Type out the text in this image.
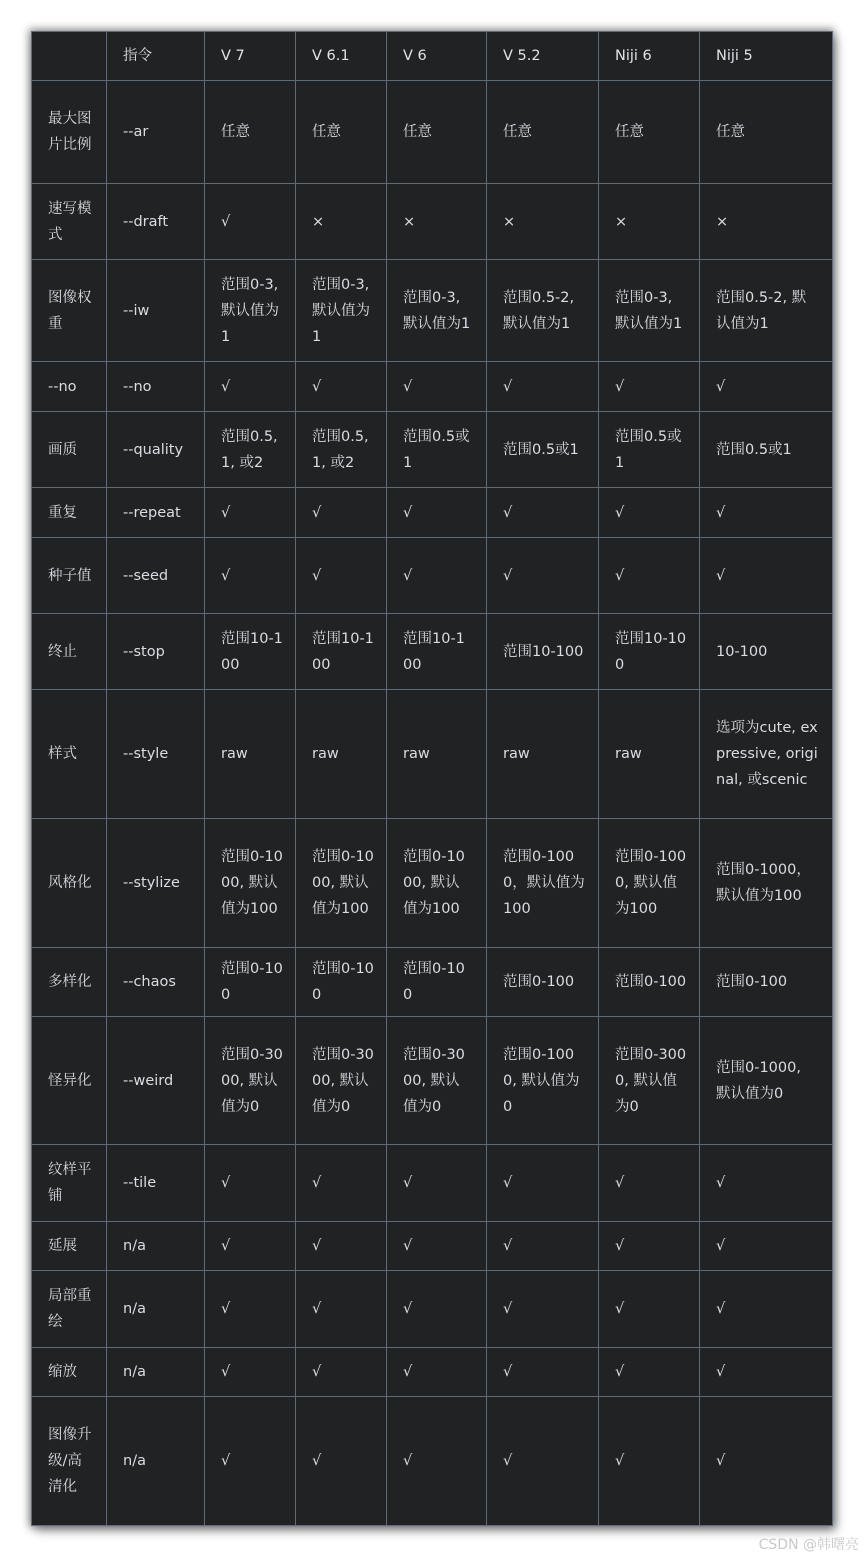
	指令	V 7	V 6.1	V 6	V 5.2	Niji 6	Niji 5
最大图片比例	--ar	任意	任意	任意	任意	任意	任意
速写模式	--draft	√	×	×	×	×	×
图像权重	--iw	范围0-3, 默认值为1	范围0-3, 默认值为1	范围0-3, 默认值为1	范围0.5-2, 默认值为1	范围0-3, 默认值为1	范围0.5-2, 默认值为1
--no	--no	√	√	√	√	√	√
画质	--quality	范围0.5, 1, 或2	范围0.5, 1, 或2	范围0.5或1	范围0.5或1	范围0.5或1	范围0.5或1
重复	--repeat	√	√	√	√	√	√
种子值	--seed	√	√	√	√	√	√
终止	--stop	范围10-100	范围10-100	范围10-100	范围10-100	范围10-100	10-100
样式	--style	raw	raw	raw	raw	raw	选项为cute, expressive, original, 或scenic
风格化	--stylize	范围0-1000, 默认值为100	范围0-1000, 默认值为100	范围0-1000, 默认值为100	范围0-1000，默认值为100	范围0-1000, 默认值为100	范围0-1000，默认值为100
多样化	--chaos	范围0-100	范围0-100	范围0-100	范围0-100	范围0-100	范围0-100
怪异化	--weird	范围0-3000, 默认值为0	范围0-3000, 默认值为0	范围0-3000, 默认值为0	范围0-1000, 默认值为0	范围0-3000, 默认值为0	范围0-1000, 默认值为0
纹样平铺	--tile	√	√	√	√	√	√
延展	n/a	√	√	√	√	√	√
局部重绘	n/a	√	√	√	√	√	√
缩放	n/a	√	√	√	√	√	√
图像升级/高清化	n/a	√	√	√	√	√	√
CSDN @韩曙亮
